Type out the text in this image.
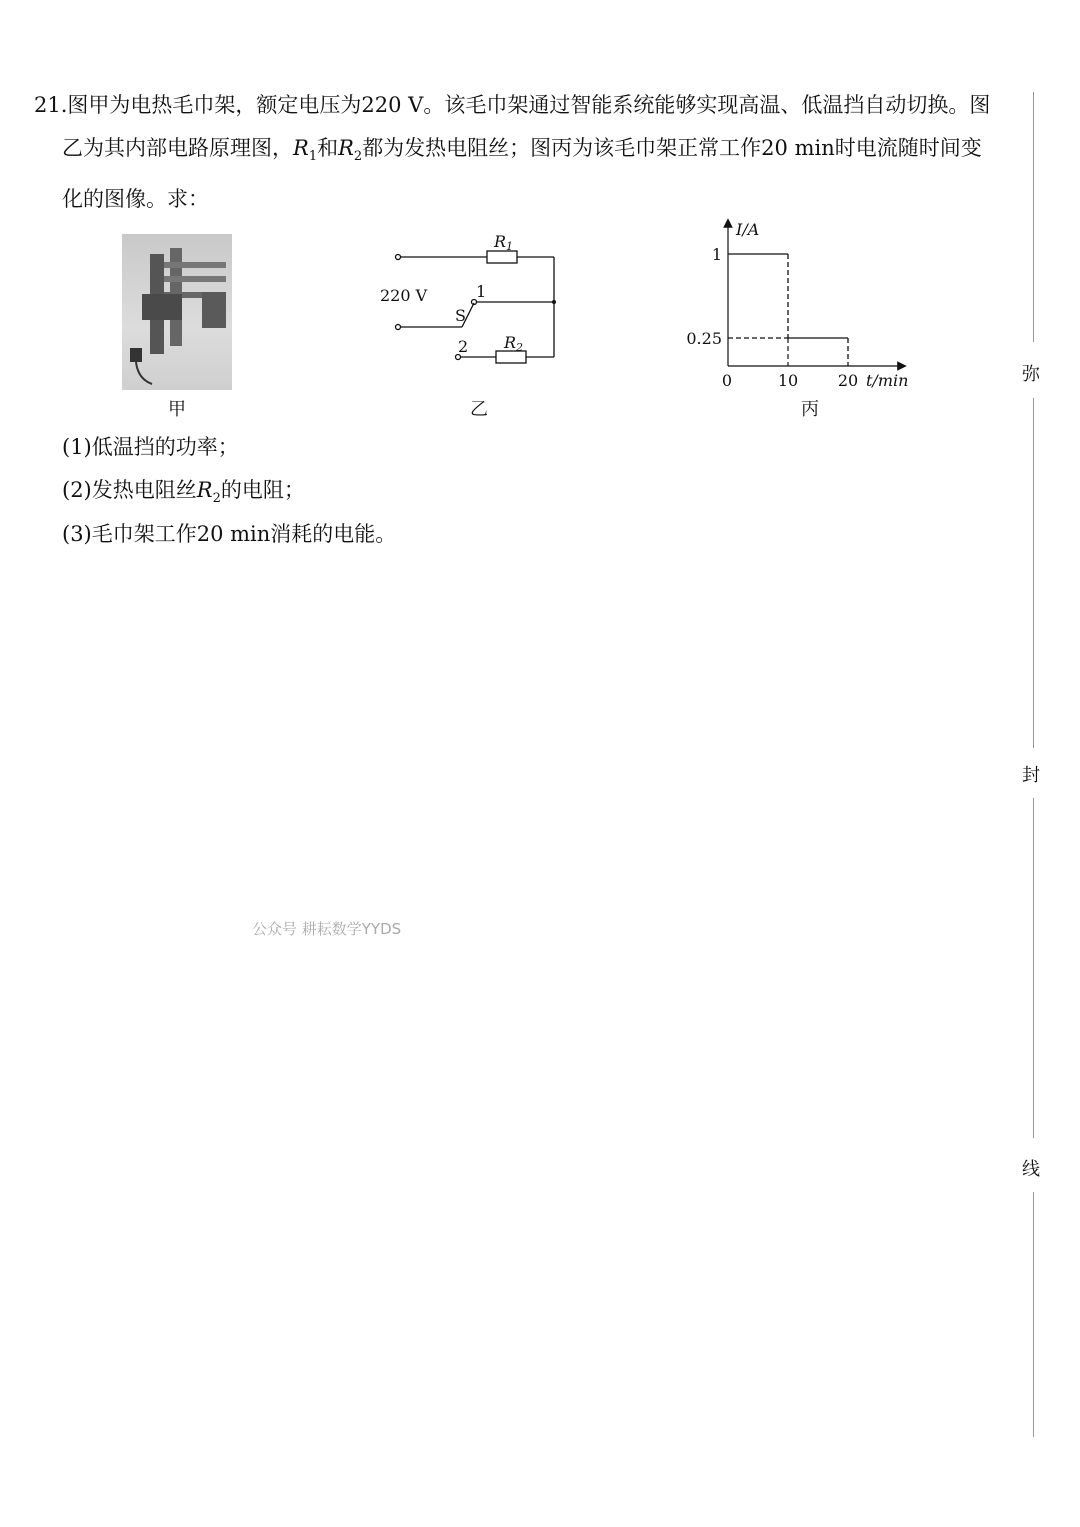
21.图甲为电热毛巾架，额定电压为220 V。该毛巾架通过智能系统能够实现高温、低温挡自动切换。图
乙为其内部电路原理图，$R_1$和$R_2$都为发热电阻丝；图丙为该毛巾架正常工作20 min时电流随时间变
化的图像。求：
甲
R1
220 V	1
S
2 R2
乙
1
0.25
0	10 20
I/A
t/min
丙
(1)低温挡的功率；
(2)发热电阻丝$R_2$的电阻；
(3)毛巾架工作20 min消耗的电能。
公众号 耕耘数学YYDS
弥
封
线
